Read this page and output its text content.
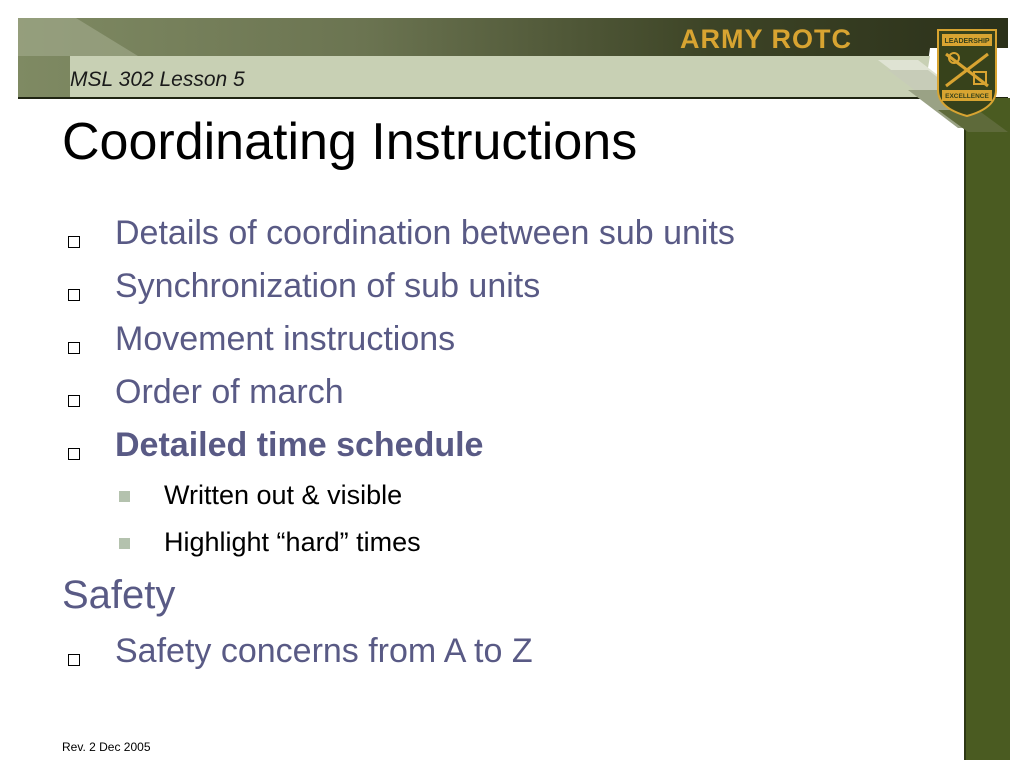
MSL 302 Lesson 5
ARMY ROTC	LEADERSHIP
EXCELLENCE
Coordinating Instructions
Details of coordination between sub units
Synchronization of sub units
Movement instructions
Order of march
Detailed time schedule
Written out & visible
Highlight “hard” times
Safety
Safety concerns from A to Z
Rev. 2 Dec 2005
